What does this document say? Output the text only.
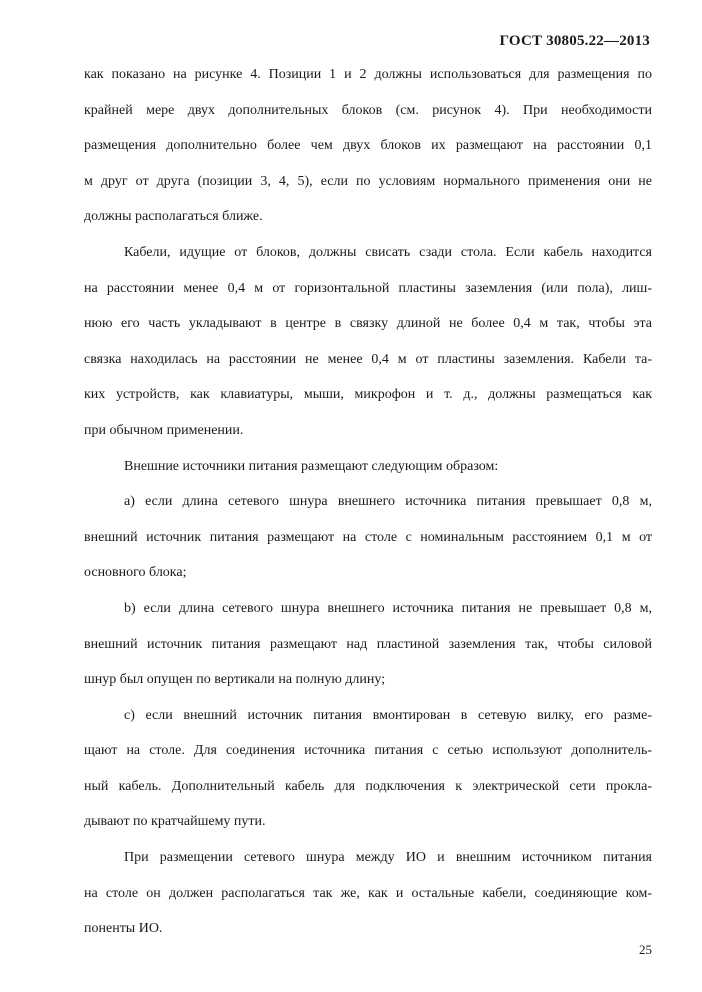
ГОСТ 30805.22—2013
как показано на рисунке 4. Позиции 1 и 2 должны использоваться для размещения по
крайней мере двух дополнительных блоков (см. рисунок 4). При необходимости
размещения дополнительно более чем двух блоков их размещают на расстоянии 0,1
м друг от друга (позиции 3, 4, 5), если по условиям нормального применения они не
должны располагаться ближе.
Кабели, идущие от блоков, должны свисать сзади стола. Если кабель находится
на расстоянии менее 0,4 м от горизонтальной пластины заземления (или пола), лиш-
нюю его часть укладывают в центре в связку длиной не более 0,4 м так, чтобы эта
связка находилась на расстоянии не менее 0,4 м от пластины заземления. Кабели та-
ких устройств, как клавиатуры, мыши, микрофон и т. д., должны размещаться как
при обычном применении.
Внешние источники питания размещают следующим образом:
а) если длина сетевого шнура внешнего источника питания превышает 0,8 м,
внешний источник питания размещают на столе с номинальным расстоянием 0,1 м от
основного блока;
b) если длина сетевого шнура внешнего источника питания не превышает 0,8 м,
внешний источник питания размещают над пластиной заземления так, чтобы силовой
шнур был опущен по вертикали на полную длину;
с) если внешний источник питания вмонтирован в сетевую вилку, его разме-
щают на столе. Для соединения источника питания с сетью используют дополнитель-
ный кабель. Дополнительный кабель для подключения к электрической сети прокла-
дывают по кратчайшему пути.
При размещении сетевого шнура между ИО и внешним источником питания
на столе он должен располагаться так же, как и остальные кабели, соединяющие ком-
поненты ИО.
25
